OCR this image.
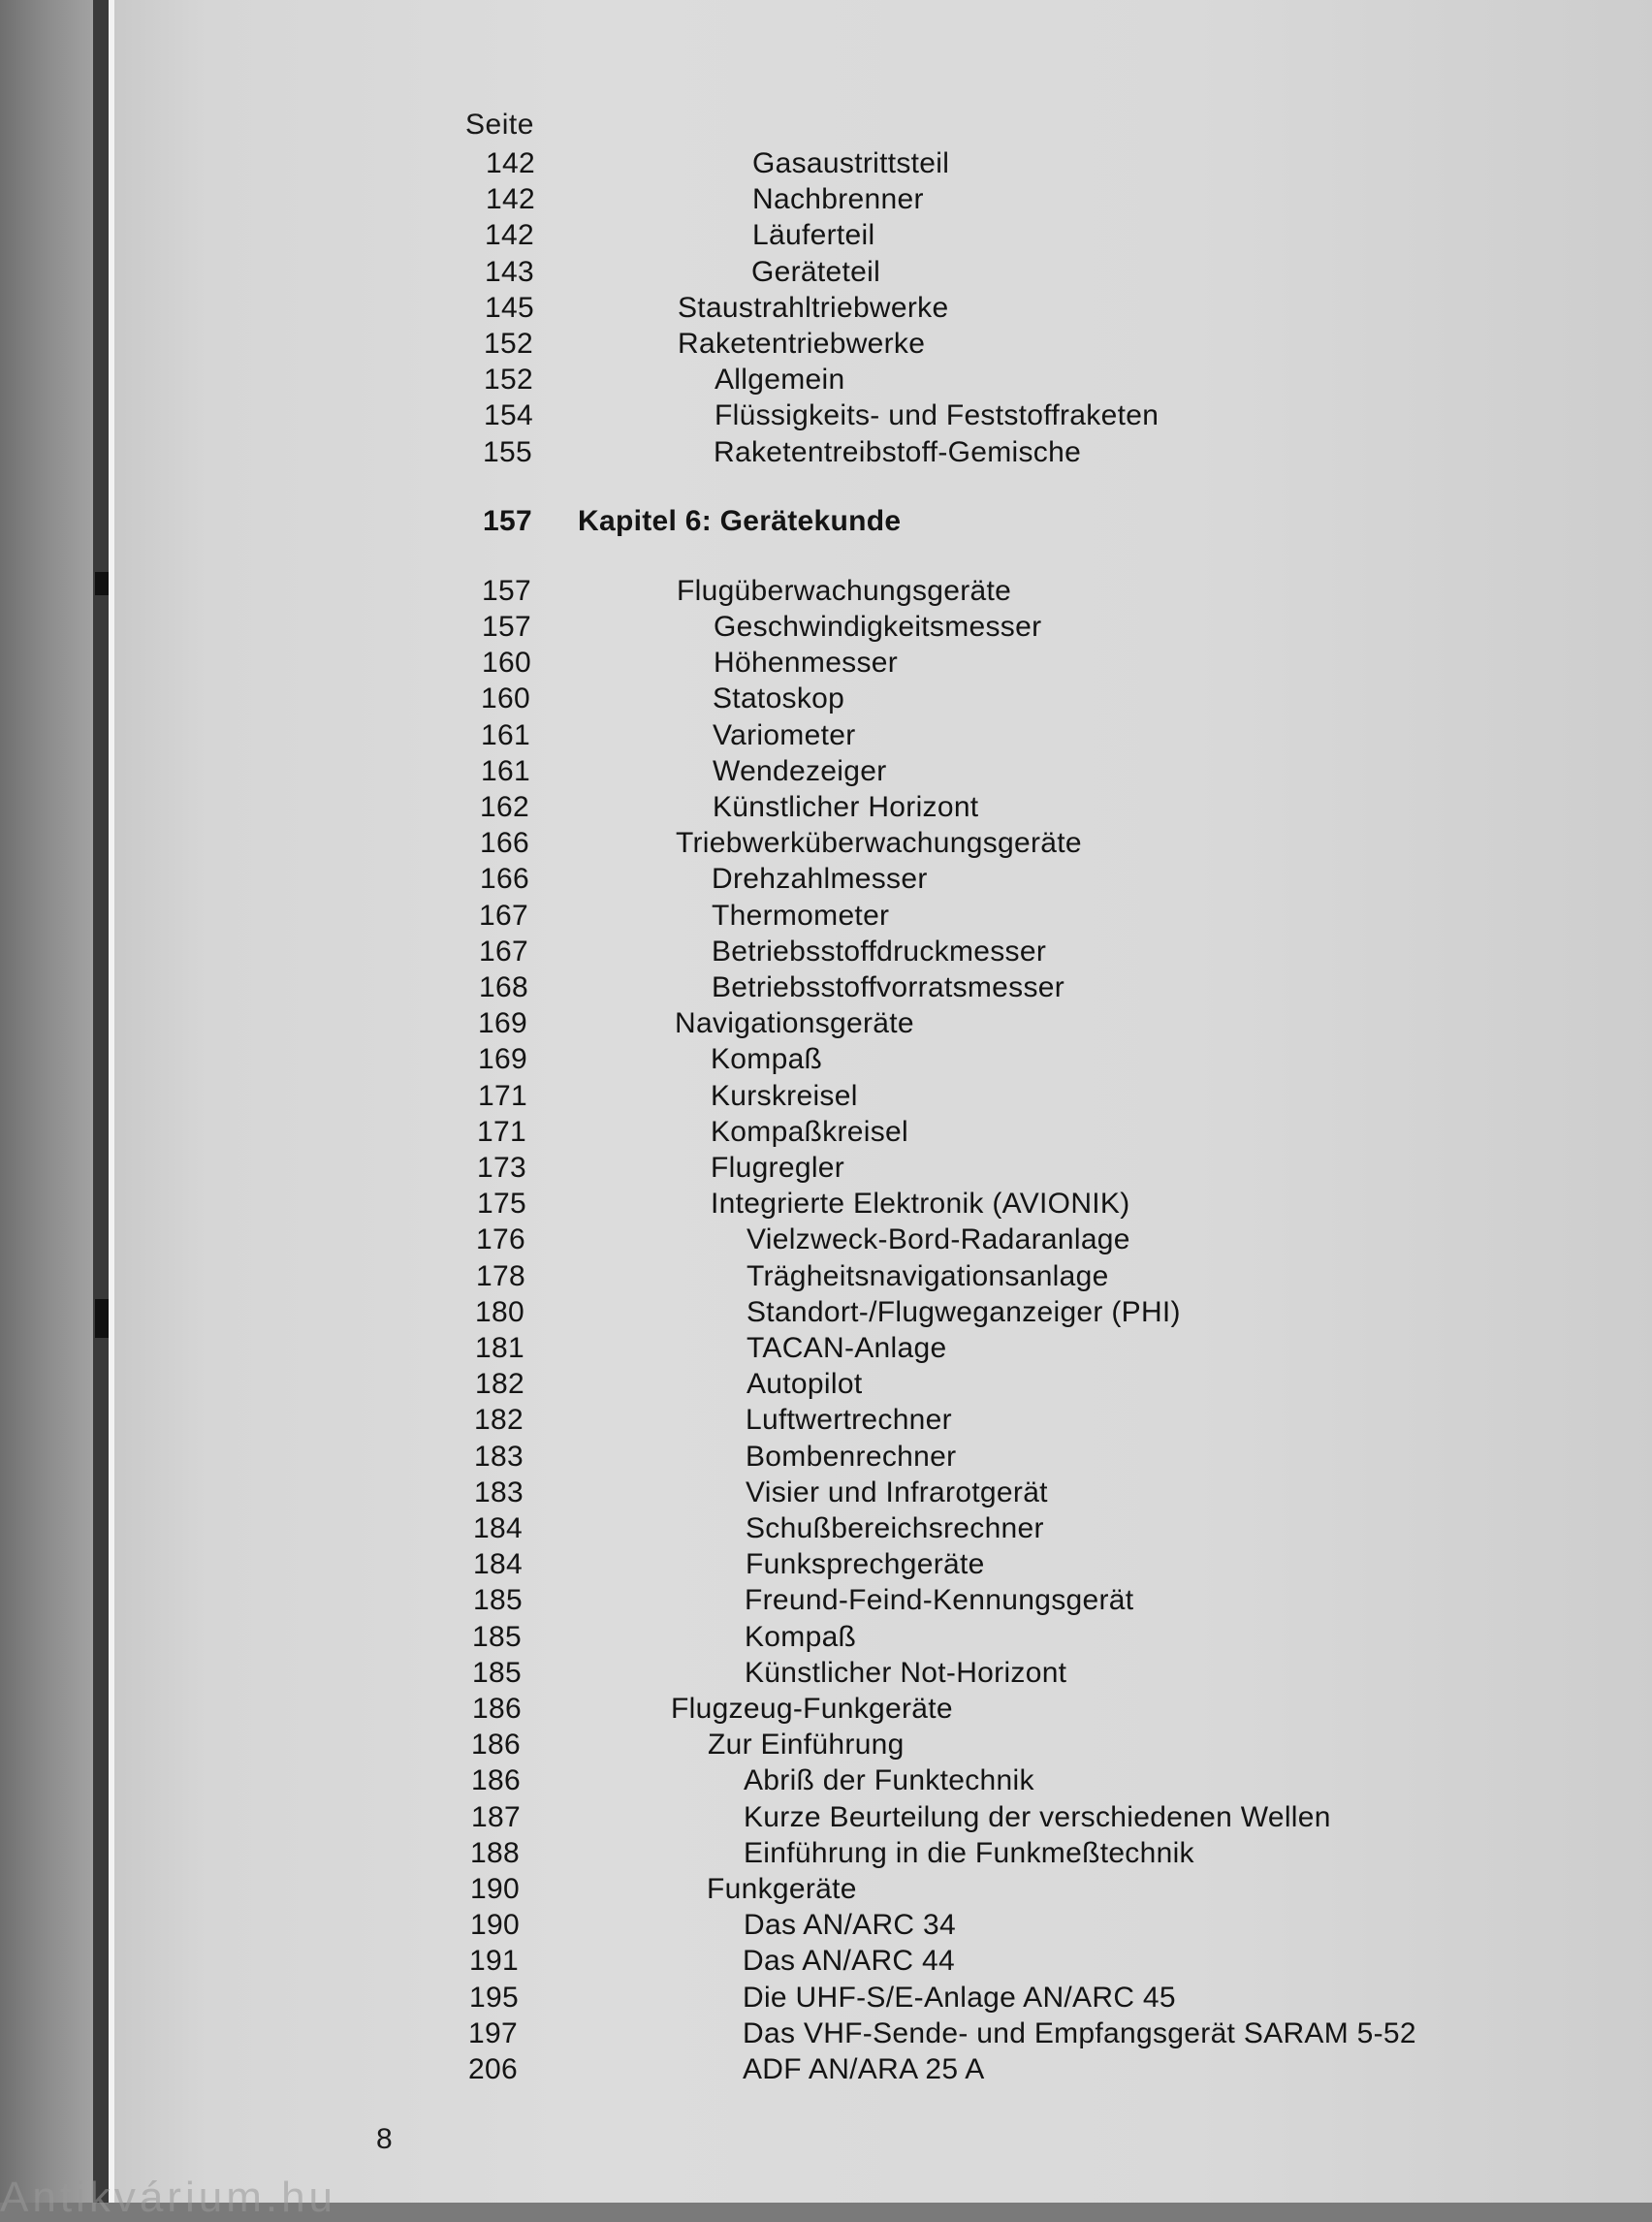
Seite
142	Gasaustrittsteil
142	Nachbrenner
142	Läuferteil
143	Geräteteil
145	Staustrahltriebwerke
152	Raketentriebwerke
152	Allgemein
154	Flüssigkeits- und Feststoffraketen
155	Raketentreibstoff-Gemische
157 Kapitel 6: Gerätekunde
157	Flugüberwachungsgeräte
157	Geschwindigkeitsmesser
160	Höhenmesser
160	Statoskop
161	Variometer
161	Wendezeiger
162	Künstlicher Horizont
166	Triebwerküberwachungsgeräte
166	Drehzahlmesser
167	Thermometer
167	Betriebsstoffdruckmesser
168	Betriebsstoffvorratsmesser
169	Navigationsgeräte
169	Kompaß
171	Kurskreisel
171	Kompaßkreisel
173	Flugregler
175	Integrierte Elektronik (AVIONIK)
176	Vielzweck-Bord-Radaranlage
178	Trägheitsnavigationsanlage
180	Standort-/Flugweganzeiger (PHI)
181	TACAN-Anlage
182	Autopilot
182	Luftwertrechner
183	Bombenrechner
183	Visier und Infrarotgerät
184	Schußbereichsrechner
184	Funksprechgeräte
185	Freund-Feind-Kennungsgerät
185	Kompaß
185	Künstlicher Not-Horizont
186	Flugzeug-Funkgeräte
186	Zur Einführung
186	Abriß der Funktechnik
187	Kurze Beurteilung der verschiedenen Wellen
188	Einführung in die Funkmeßtechnik
190	Funkgeräte
190	Das AN/ARC 34
191	Das AN/ARC 44
195	Die UHF-S/E-Anlage AN/ARC 45
197	Das VHF-Sende- und Empfangsgerät SARAM 5-52
206	ADF AN/ARA 25 A
8
Antikvárium.hu
